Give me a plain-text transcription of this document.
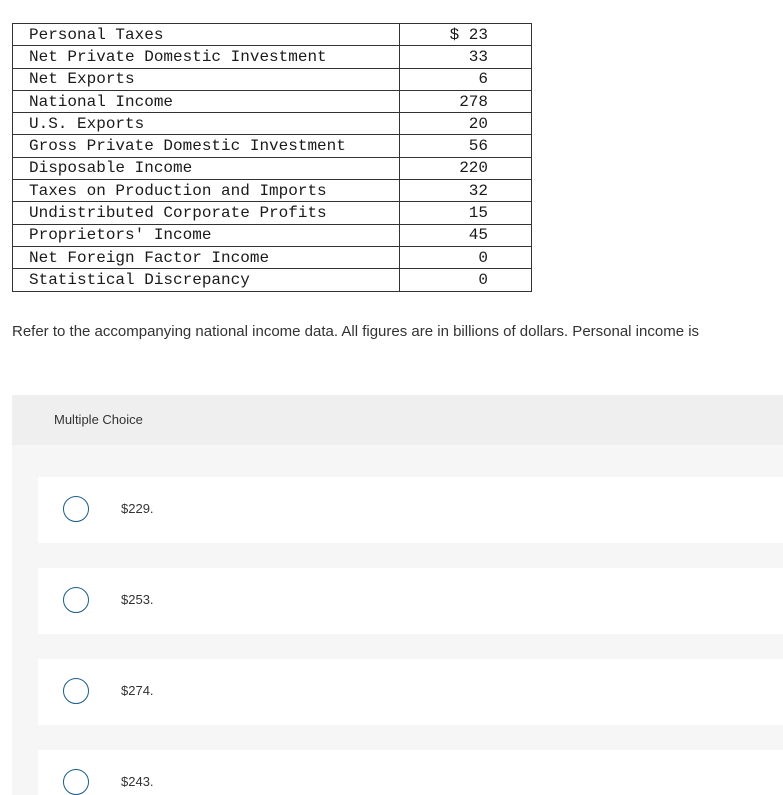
Personal Taxes	$ 23
Net Private Domestic Investment	33
Net Exports	6
National Income	278
U.S. Exports	20
Gross Private Domestic Investment	56
Disposable Income	220
Taxes on Production and Imports	32
Undistributed Corporate Profits	15
Proprietors' Income	45
Net Foreign Factor Income	0
Statistical Discrepancy	0
Refer to the accompanying national income data. All figures are in billions of dollars. Personal income is
Multiple Choice
$229.
$253.
$274.
$243.
